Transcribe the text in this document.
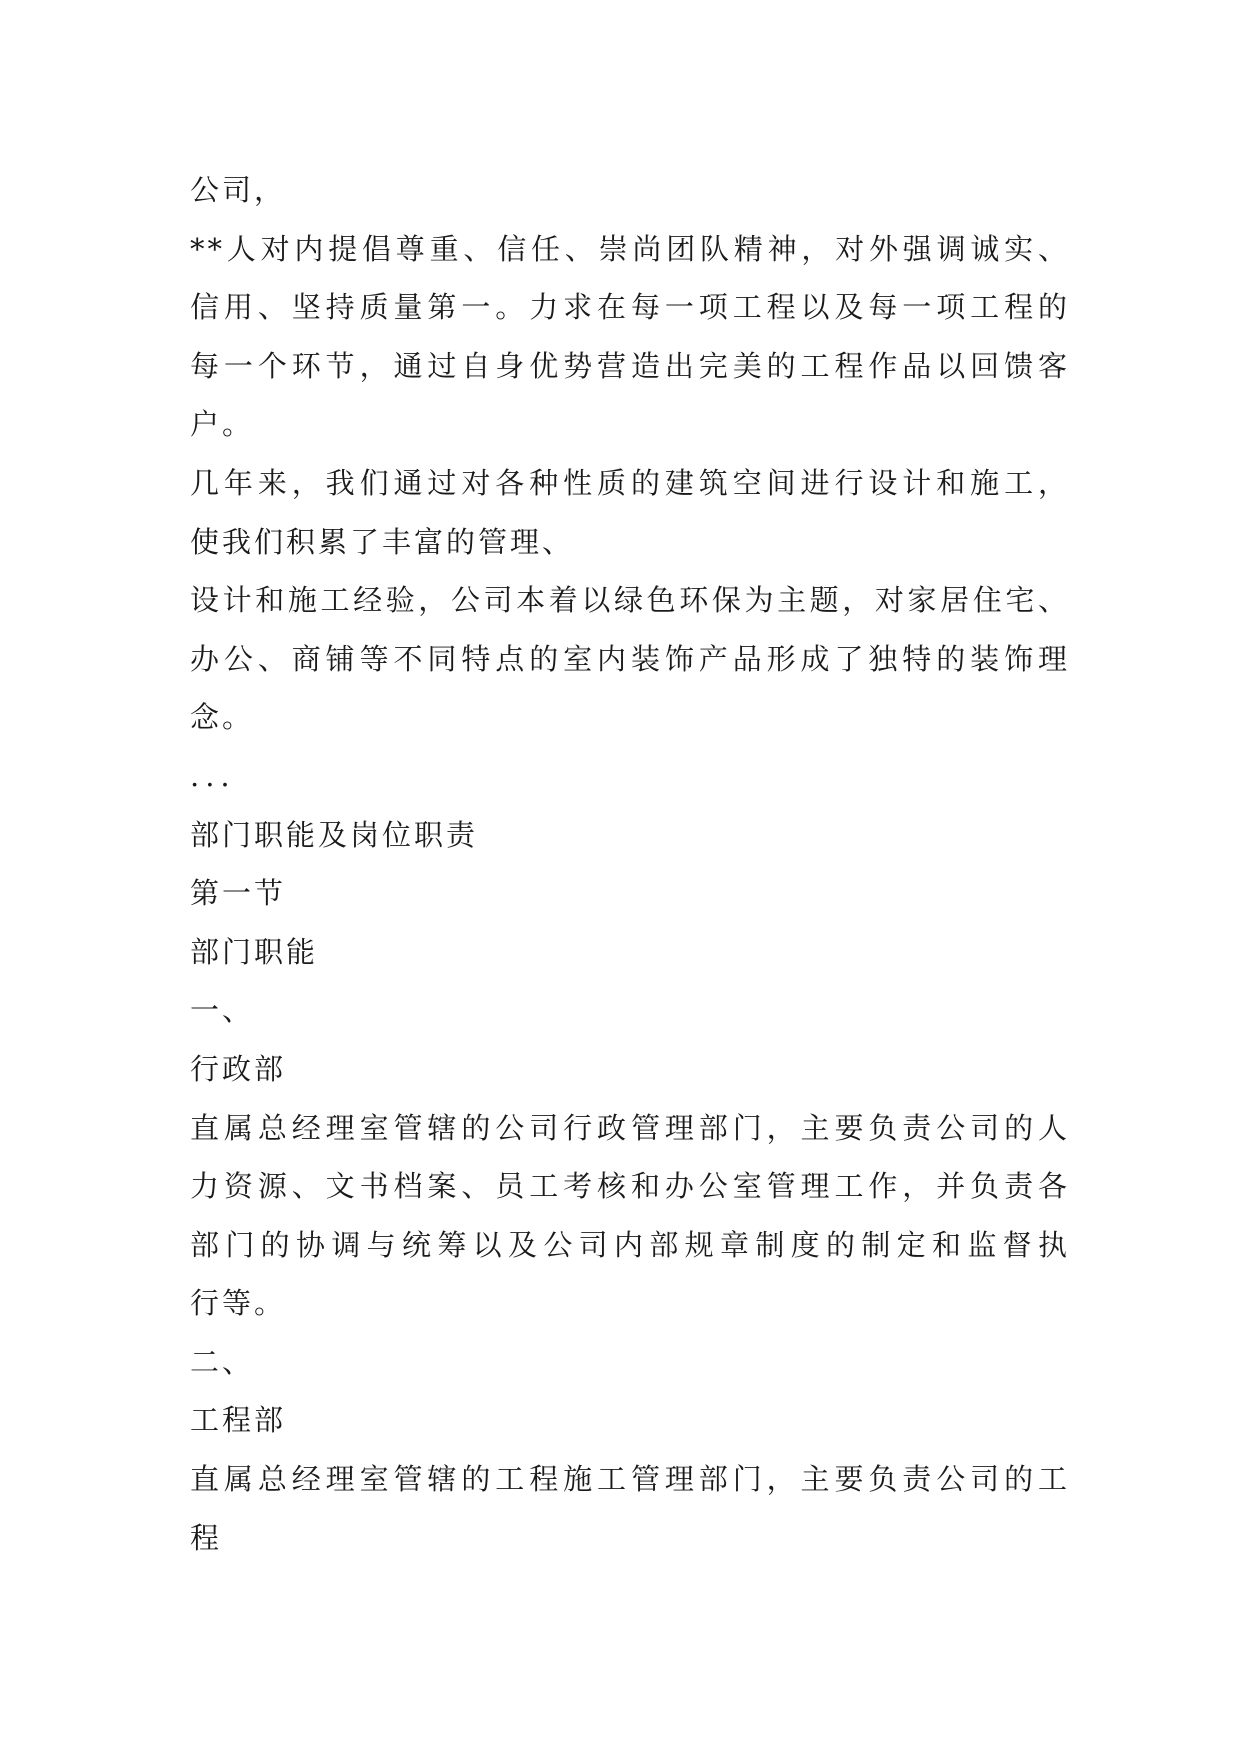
公司，
**人对内提倡尊重、信任、崇尚团队精神，对外强调诚实、
信用、坚持质量第一。力求在每一项工程以及每一项工程的
每一个环节，通过自身优势营造出完美的工程作品以回馈客
户。
几年来，我们通过对各种性质的建筑空间进行设计和施工，
使我们积累了丰富的管理、
设计和施工经验，公司本着以绿色环保为主题，对家居住宅、
办公、商铺等不同特点的室内装饰产品形成了独特的装饰理
念。
...
部门职能及岗位职责
第一节
部门职能
一、
行政部
直属总经理室管辖的公司行政管理部门，主要负责公司的人
力资源、文书档案、员工考核和办公室管理工作，并负责各
部门的协调与统筹以及公司内部规章制度的制定和监督执
行等。
二、
工程部
直属总经理室管辖的工程施工管理部门，主要负责公司的工
程
